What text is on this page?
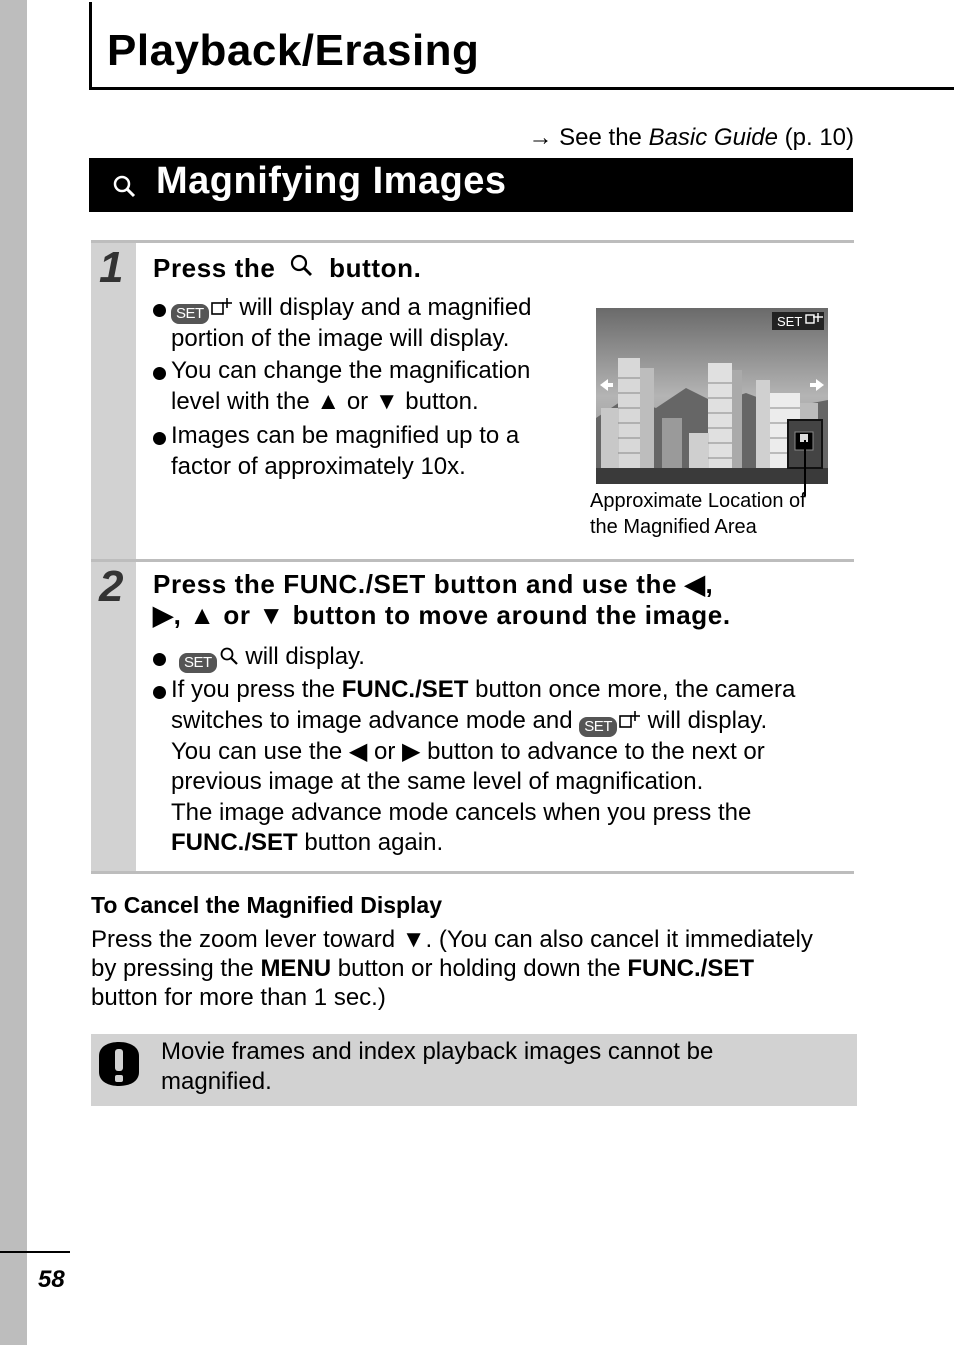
58
Playback/Erasing
→ See the Basic Guide (p. 10)
Magnifying Images
1 Press the button.
SET will display and a magnified
portion of the image will display.
You can change the magnification
level with the ▲ or ▼ button.
Images can be magnified up to a
factor of approximately 10x.
SET
Approximate Location of
the Magnified Area
2 Press the FUNC./SET button and use the ◀,
▶, ▲ or ▼ button to move around the image.
SET will display.
If you press the FUNC./SET button once more, the camera
switches to image advance mode and SET will display.
You can use the ◀ or ▶ button to advance to the next or
previous image at the same level of magnification.
The image advance mode cancels when you press the
FUNC./SET button again.
To Cancel the Magnified Display
Press the zoom lever toward ▼. (You can also cancel it immediately
by pressing the MENU button or holding down the FUNC./SET
button for more than 1 sec.)
Movie frames and index playback images cannot be
magnified.
